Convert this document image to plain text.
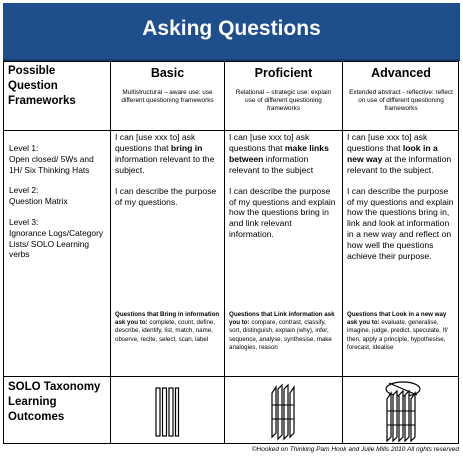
Asking Questions
Possible Question Frameworks
Basic
Multistructural – aware use: use different questioning frameworks
Proficient
Relational – strategic use: explain use of different questioning frameworks
Advanced
Extended abstract - reflective: reflect on use of different questioning frameworks
Level 1:
Open closed/ 5Ws and 1H/ Six Thinking Hats
Level 2:
Question Matrix
Level 3:
Ignorance Logs/Category Lists/ SOLO Learning verbs

I can [use xxx to] ask questions that bring in information relevant to the subject.

I can describe the purpose of my questions.

Questions that Bring in information ask you to: complete, count, define, describe, identify, list, match, name, observe, recite, select, scan, label

I can [use xxx to] ask questions that make links between information relevant to the subject

I can describe the purpose of my questions and explain how the questions bring in and link relevant information.

Questions that Link information ask you to: compare, contrast, classify, sort, distinguish, explain (why), infer, sequence, analyse, synthesise, make analogies, reason

I can [use xxx to] ask questions that look in a new way at the information relevant to the subject.

I can describe the purpose of my questions and explain how the questions bring in, link and look at information in a new way and reflect on how well the questions achieve their purpose.

Questions that Look in a new way ask you to: evaluate, generalise, imagine, judge, predict, speculate, If/ then, apply a principle, hypothesise, forecast, idealise
SOLO Taxonomy Learning Outcomes
©Hooked on Thinking Pam Hook and Julie Mills 2010 All rights reserved
